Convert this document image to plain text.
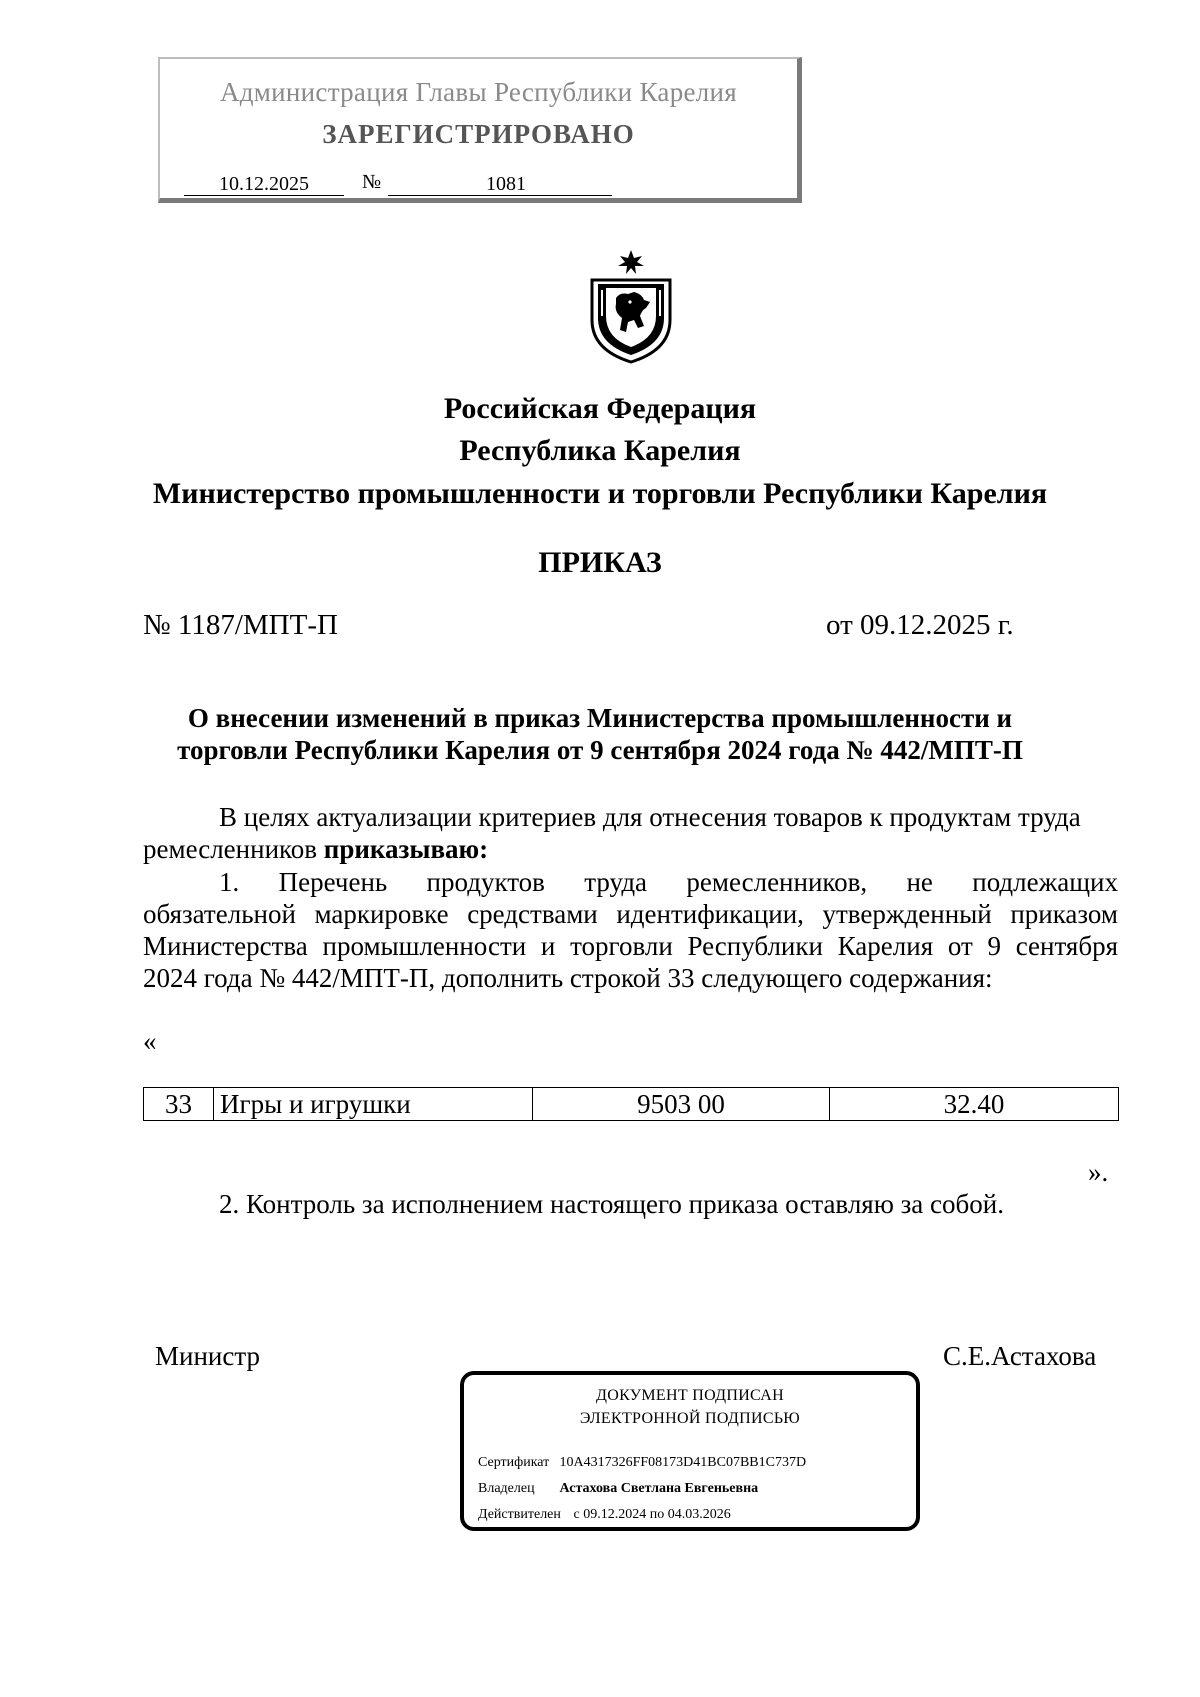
Администрация Главы Республики Карелия
ЗАРЕГИСТРИРОВАНО
10.12.2025	№	1081
Российская Федерация
Республика Карелия
Министерство промышленности и торговли Республики Карелия
ПРИКАЗ
№ 1187/МПТ-П	от 09.12.2025 г.
О внесении изменений в приказ Министерства промышленности и
торговли Республики Карелия от 9 сентября 2024 года № 442/МПТ-П
В целях актуализации критериев для отнесения товаров к продуктам труда
ремесленников приказываю:
1.     Перечень     продуктов     труда     ремесленников,     не     подлежащих
обязательной маркировке средствами идентификации, утвержденный приказом
Министерства промышленности и торговли Республики Карелия от 9 сентября
2024 года № 442/МПТ-П, дополнить строкой 33 следующего содержания:
«
33	Игры и игрушки	9503 00	32.40
».
2. Контроль за исполнением настоящего приказа оставляю за собой.
Министр	С.Е.Астахова
ДОКУМЕНТ ПОДПИСАН
ЭЛЕКТРОННОЙ ПОДПИСЬЮ
Сертификат 10A4317326FF08173D41BC07BB1C737D
Владелец Астахова Светлана Евгеньевна
Действителен с 09.12.2024 по 04.03.2026
